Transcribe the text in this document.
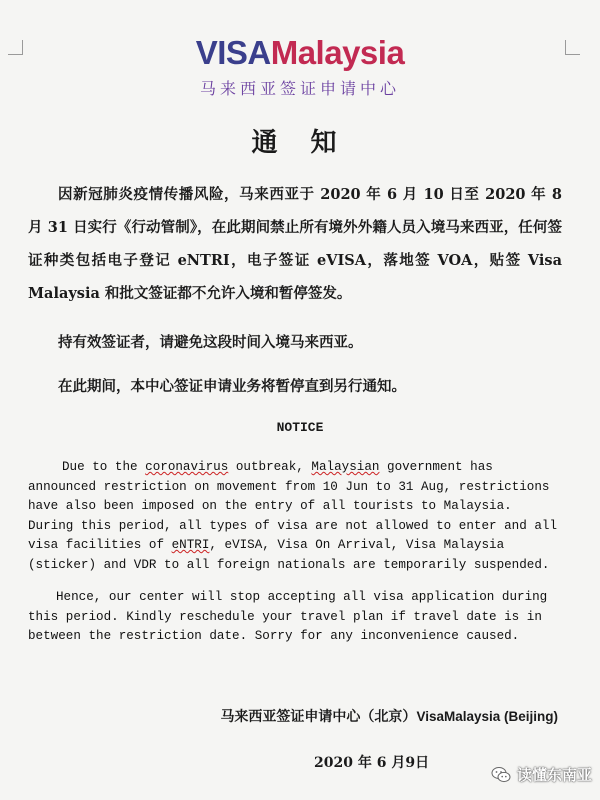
VISAMalaysia
马来西亚签证申请中心
通 知
因新冠肺炎疫情传播风险，马来西亚于 2020 年 6 月 10 日至 2020 年 8 月 31 日实行《行动管制》，在此期间禁止所有境外外籍人员入境马来西亚，任何签证种类包括电子登记 eNTRI，电子签证 eVISA，落地签 VOA，贴签 Visa Malaysia 和批文签证都不允许入境和暂停签发。
持有效签证者，请避免这段时间入境马来西亚。
在此期间，本中心签证申请业务将暂停直到另行通知。
NOTICE
Due to the coronavirus outbreak, Malaysian government has announced restriction on movement from 10 Jun to 31 Aug, restrictions have also been imposed on the entry of all tourists to Malaysia. During this period, all types of visa are not allowed to enter and all visa facilities of eNTRI, eVISA, Visa On Arrival, Visa Malaysia (sticker) and VDR to all foreign nationals are temporarily suspended.
Hence, our center will stop accepting all visa application during this period. Kindly reschedule your travel plan if travel date is in between the restriction date. Sorry for any inconvenience caused.
马来西亚签证申请中心（北京）VisaMalaysia (Beijing)
2020 年 6 月9日
读懂东南亚
